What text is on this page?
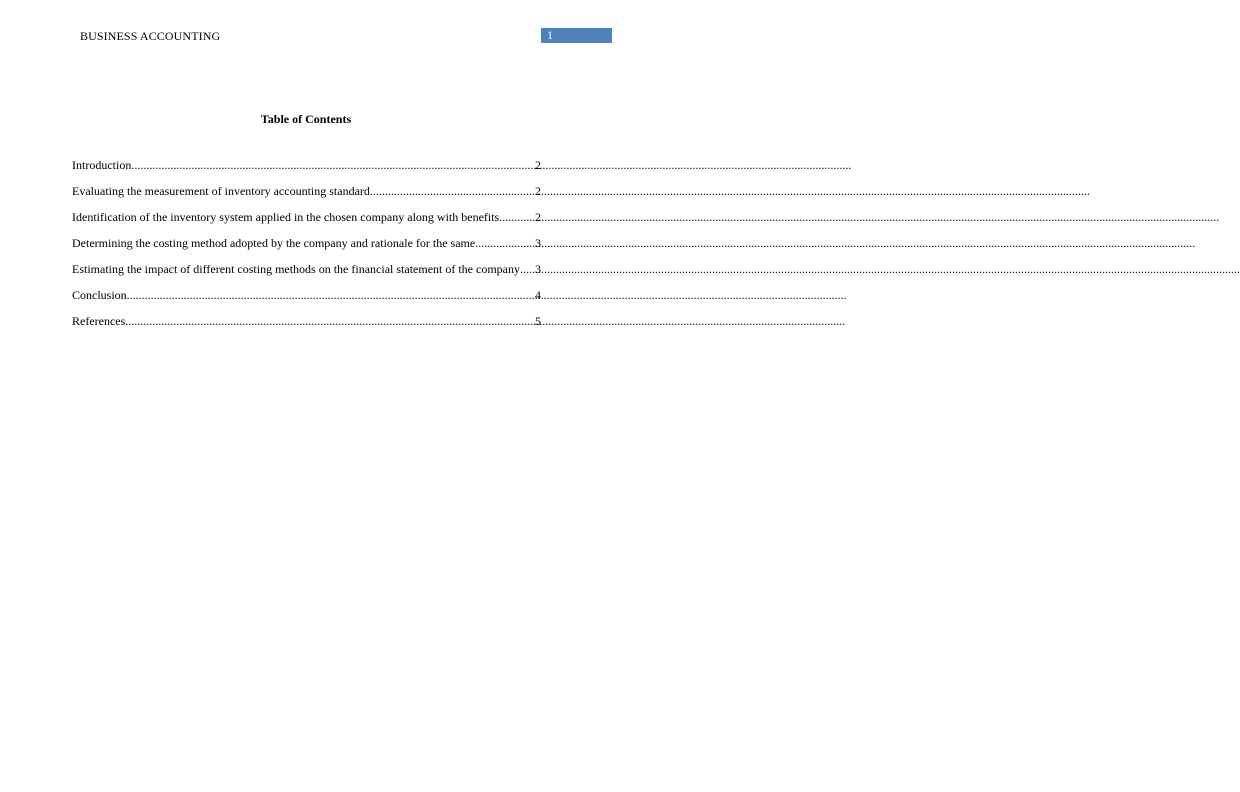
BUSINESS ACCOUNTING	1
Table of Contents
Introduction .....	2
Evaluating the measurement of inventory accounting standard .....	2
Identification of the inventory system applied in the chosen company along with benefits .....	2
Determining the costing method adopted by the company and rationale for the same .....	3
Estimating the impact of different costing methods on the financial statement of the company ..... 3
Conclusion .....	4
References .....	5
